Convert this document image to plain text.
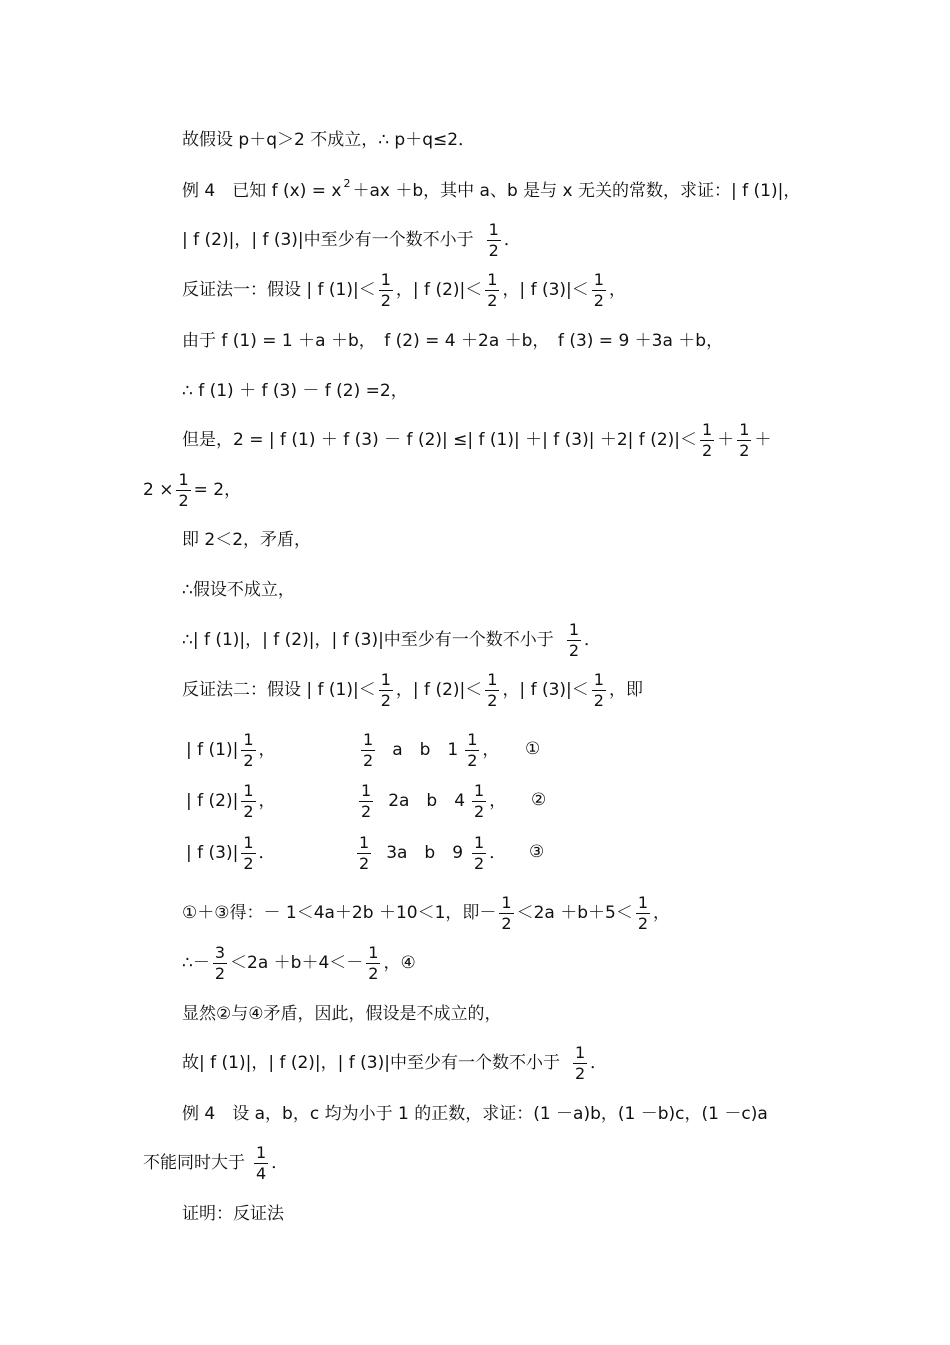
故假设 p＋q＞2 不成立，∴ p＋q≤2．
例 4　已知 f (x) = x 2 ＋ax ＋b，其中 a、b 是与 x 无关的常数，求证：| f (1)|，
| f (2)|，| f (3)|中至少有一个数不小于 $\frac{1}{2}$ ．
反证法一：假设 | f $(1)|< \frac{1}{2}$ ，| f $(2)|< \frac{1}{2}$ ，| f $(3)|< \frac{1}{2}$ ，
由于 f (1) = 1 ＋a ＋b，　f (2) = 4 ＋2a ＋b，　f (3) = 9 ＋3a ＋b，
∴ f (1) ＋ f (3) － f (2) =2，
但是，2 = | f (1) ＋ f (3) － f (2)| ≤| f (1)| ＋| f (3)| ＋2| f $(2)|< \frac{1}{2} + \frac{1}{2}$ ＋
$2 \times \frac{1}{2} = 2$，
即 2＜2，矛盾，
∴假设不成立，
∴| f (1)|，| f (2)|，| f (3)|中至少有一个数不小于 $\frac{1}{2}$ ．
反证法二：假设 | f $(1)|< \frac{1}{2}$ ，| f $(2)|< \frac{1}{2}$ ，| f $(3)|< \frac{1}{2}$ ，即
| f $(1)| \frac{1}{2}$ ，	$\frac{1}{2}$ a　b　$1 \frac{1}{2}$ ， ①
| f $(2)| \frac{1}{2}$ ，	$\frac{1}{2} 2a$　b　$4 \frac{1}{2}$ ， ②
| f $(3)| \frac{1}{2}$ ．	$\frac{1}{2} 3a$　b　$9 \frac{1}{2}$ ． ③
①＋③得：－ 1＜4a＋2b ＋10＜1，即－ $\frac{1}{2} <2a +b+5< \frac{1}{2}$ ，
∴－ $\frac{3}{2} <2a +b+4<- \frac{1}{2}$ ，④
显然②与④矛盾，因此，假设是不成立的，
故| f (1)|，| f (2)|，| f (3)|中至少有一个数不小于 $\frac{1}{2}$ ．
例 4　设 a，b，c 均为小于 1 的正数，求证：(1 －a)b，(1 －b)c，(1 －c)a
不能同时大于 $\frac{1}{4}$ ．
证明：反证法
